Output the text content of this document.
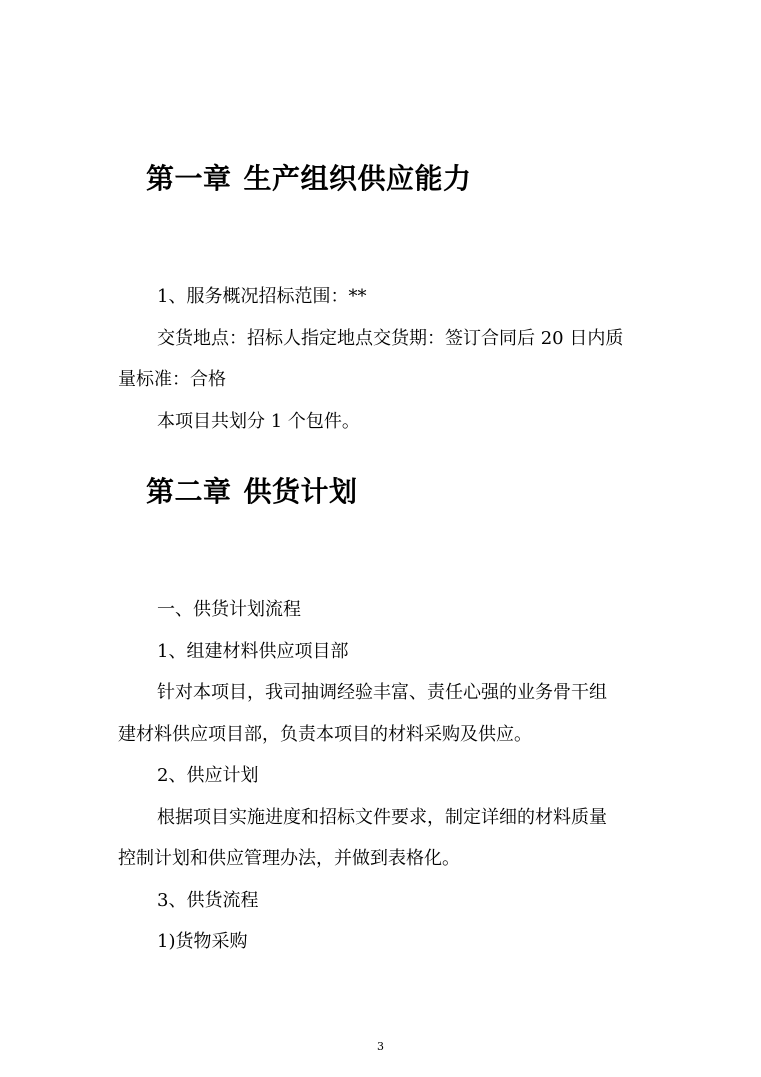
第一章 生产组织供应能力
1、服务概况招标范围：**
交货地点：招标人指定地点交货期：签订合同后 20 日内质
量标准：合格
本项目共划分 1 个包件。
第二章 供货计划
一、供货计划流程
1、组建材料供应项目部
针对本项目，我司抽调经验丰富、责任心强的业务骨干组
建材料供应项目部，负责本项目的材料采购及供应。
2、供应计划
根据项目实施进度和招标文件要求，制定详细的材料质量
控制计划和供应管理办法，并做到表格化。
3、供货流程
1)货物采购
3
